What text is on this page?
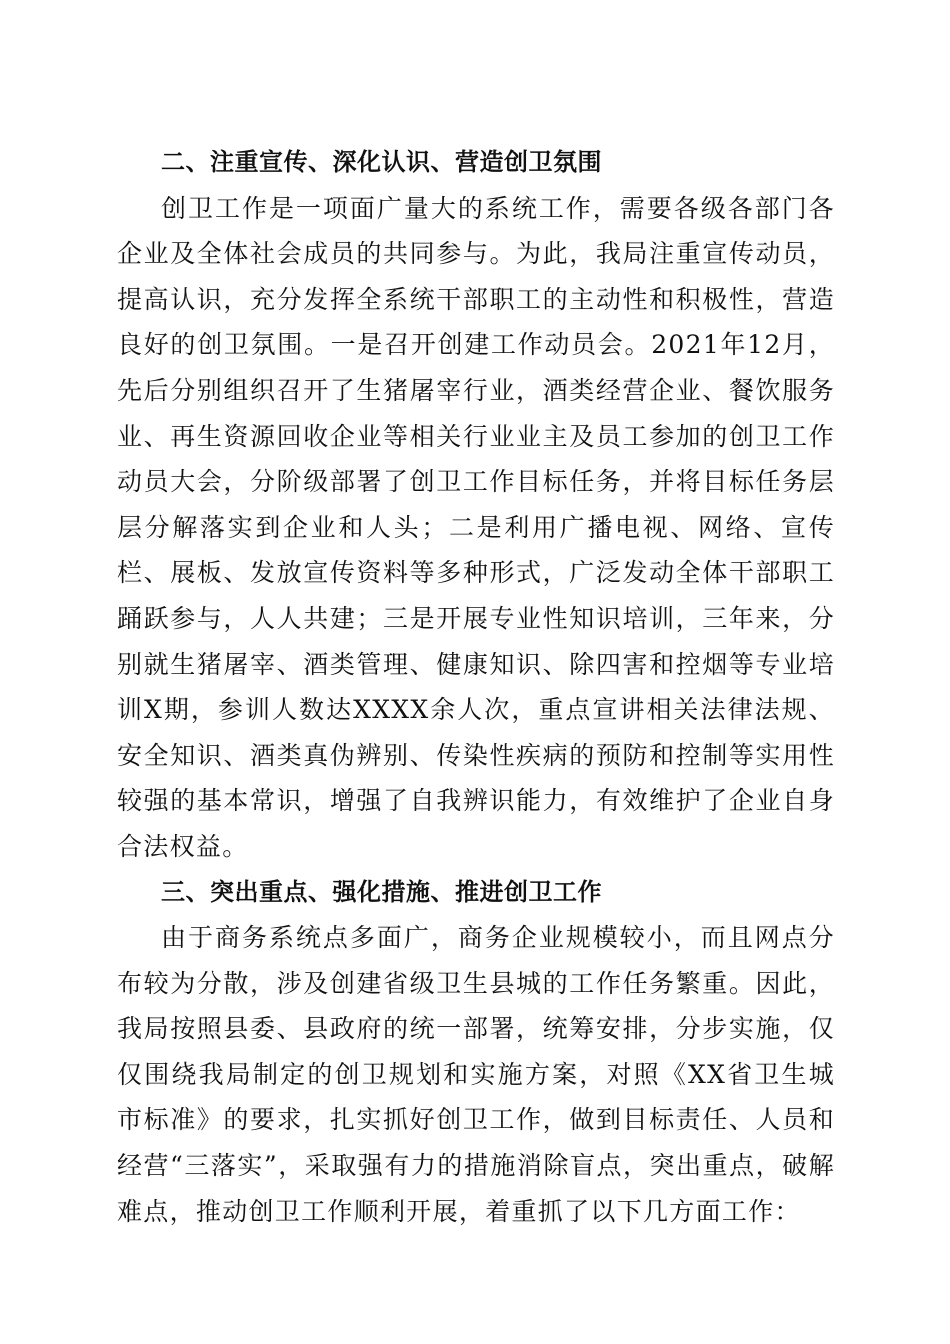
二、注重宣传、深化认识、营造创卫氛围

创卫工作是一项面广量大的系统工作，需要各级各部门各企业及全体社会成员的共同参与。为此，我局注重宣传动员，提高认识，充分发挥全系统干部职工的主动性和积极性，营造良好的创卫氛围。一是召开创建工作动员会。2021年12月，先后分别组织召开了生猪屠宰行业，酒类经营企业、餐饮服务业、再生资源回收企业等相关行业业主及员工参加的创卫工作动员大会，分阶级部署了创卫工作目标任务，并将目标任务层层分解落实到企业和人头；二是利用广播电视、网络、宣传栏、展板、发放宣传资料等多种形式，广泛发动全体干部职工踊跃参与，人人共建；三是开展专业性知识培训，三年来，分别就生猪屠宰、酒类管理、健康知识、除四害和控烟等专业培训X期，参训人数达XXXX余人次，重点宣讲相关法律法规、安全知识、酒类真伪辨别、传染性疾病的预防和控制等实用性较强的基本常识，增强了自我辨识能力，有效维护了企业自身合法权益。

三、突出重点、强化措施、推进创卫工作

由于商务系统点多面广，商务企业规模较小，而且网点分布较为分散，涉及创建省级卫生县城的工作任务繁重。因此，我局按照县委、县政府的统一部署，统筹安排，分步实施，仅仅围绕我局制定的创卫规划和实施方案，对照《XX省卫生城市标准》的要求，扎实抓好创卫工作，做到目标责任、人员和经营“三落实”，采取强有力的措施消除盲点，突出重点，破解难点，推动创卫工作顺利开展，着重抓了以下几方面工作：
